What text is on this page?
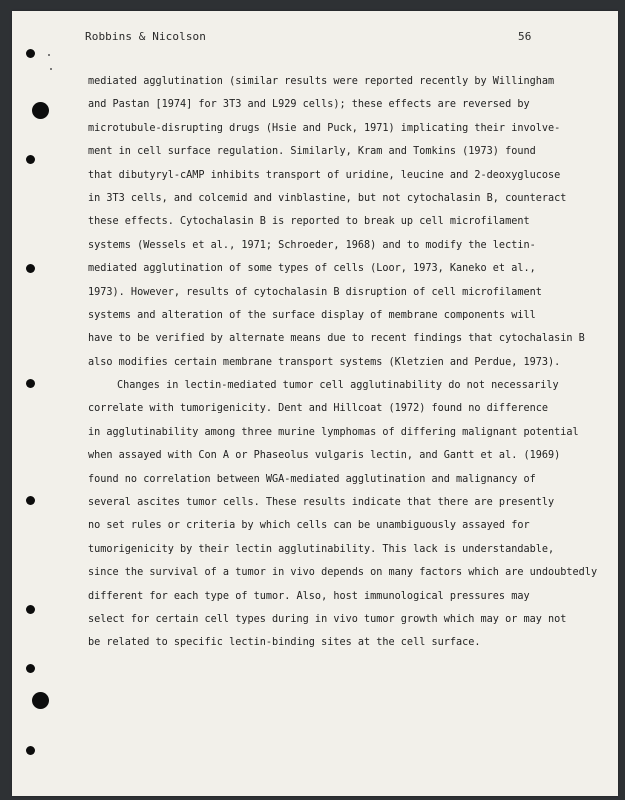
Robbins & Nicolson	56
mediated agglutination (similar results were reported recently by Willingham
and Pastan [1974] for 3T3 and L929 cells); these effects are reversed by
microtubule-disrupting drugs (Hsie and Puck, 1971) implicating their involve-
ment in cell surface regulation. Similarly, Kram and Tomkins (1973) found
that dibutyryl-cAMP inhibits transport of uridine, leucine and 2-deoxyglucose
in 3T3 cells, and colcemid and vinblastine, but not cytochalasin B, counteract
these effects. Cytochalasin B is reported to break up cell microfilament
systems (Wessels et al., 1971; Schroeder, 1968) and to modify the lectin-
mediated agglutination of some types of cells (Loor, 1973, Kaneko et al.,
1973). However, results of cytochalasin B disruption of cell microfilament
systems and alteration of the surface display of membrane components will
have to be verified by alternate means due to recent findings that cytochalasin B
also modifies certain membrane transport systems (Kletzien and Perdue, 1973).
Changes in lectin-mediated tumor cell agglutinability do not necessarily
correlate with tumorigenicity. Dent and Hillcoat (1972) found no difference
in agglutinability among three murine lymphomas of differing malignant potential
when assayed with Con A or Phaseolus vulgaris lectin, and Gantt et al. (1969)
found no correlation between WGA-mediated agglutination and malignancy of
several ascites tumor cells. These results indicate that there are presently
no set rules or criteria by which cells can be unambiguously assayed for
tumorigenicity by their lectin agglutinability. This lack is understandable,
since the survival of a tumor in vivo depends on many factors which are undoubtedly
different for each type of tumor. Also, host immunological pressures may
select for certain cell types during in vivo tumor growth which may or may not
be related to specific lectin-binding sites at the cell surface.
